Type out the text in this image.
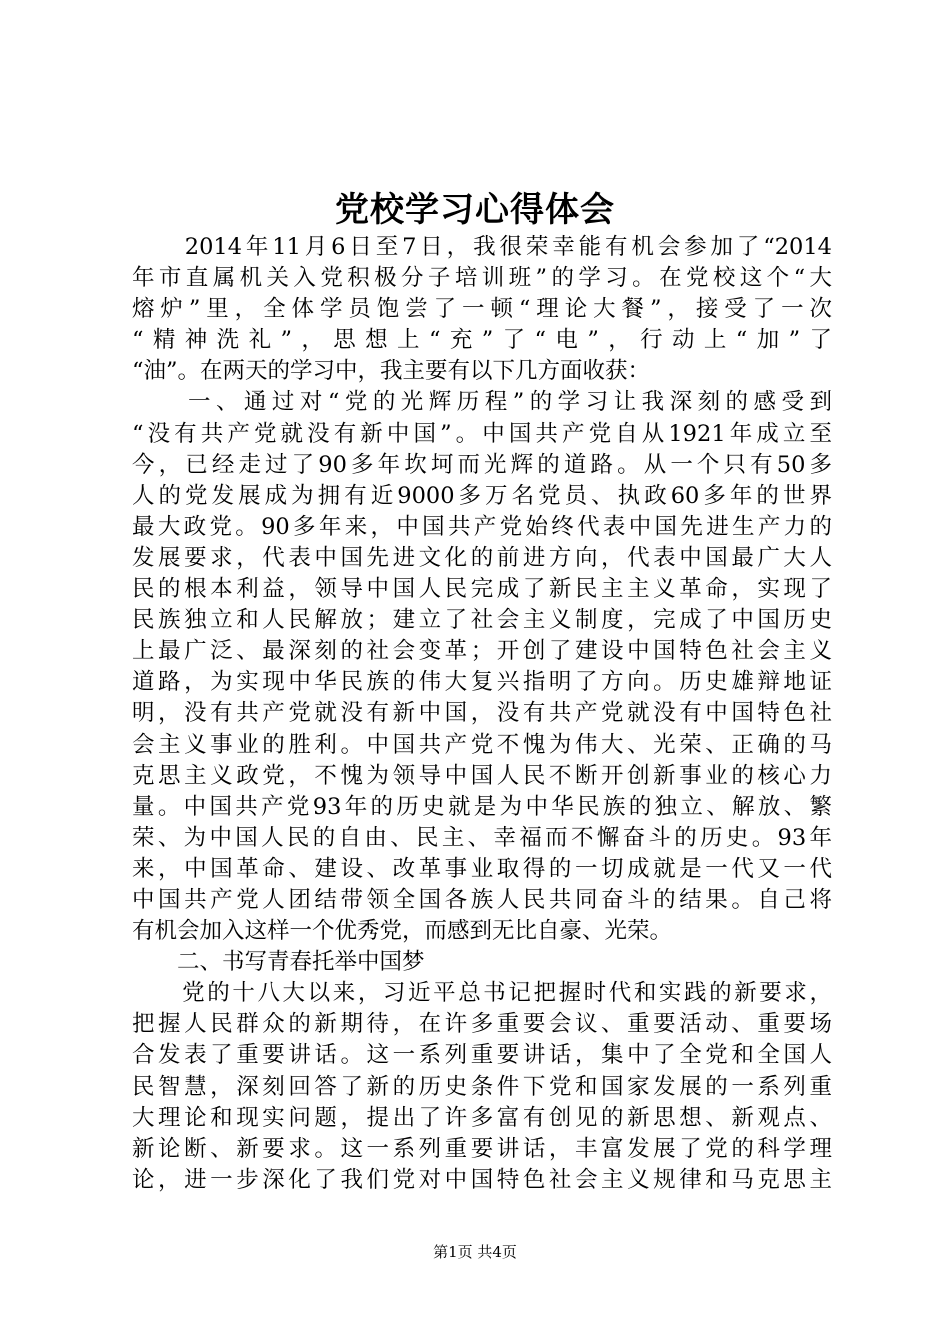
党校学习心得体会
　　2014年11月6日至7日，我很荣幸能有机会参加了“2014
年市直属机关入党积极分子培训班”的学习。在党校这个“大
熔炉”里，全体学员饱尝了一顿“理论大餐”，接受了一次
“精神洗礼”，思想上“充”了“电”，行动上“加”了
“油”。在两天的学习中，我主要有以下几方面收获：
　　一、通过对“党的光辉历程”的学习让我深刻的感受到
“没有共产党就没有新中国”。中国共产党自从1921年成立至
今，已经走过了90多年坎坷而光辉的道路。从一个只有50多
人的党发展成为拥有近9000多万名党员、执政60多年的世界
最大政党。90多年来，中国共产党始终代表中国先进生产力的
发展要求，代表中国先进文化的前进方向，代表中国最广大人
民的根本利益，领导中国人民完成了新民主主义革命，实现了
民族独立和人民解放；建立了社会主义制度，完成了中国历史
上最广泛、最深刻的社会变革；开创了建设中国特色社会主义
道路，为实现中华民族的伟大复兴指明了方向。历史雄辩地证
明，没有共产党就没有新中国，没有共产党就没有中国特色社
会主义事业的胜利。中国共产党不愧为伟大、光荣、正确的马
克思主义政党，不愧为领导中国人民不断开创新事业的核心力
量。中国共产党93年的历史就是为中华民族的独立、解放、繁
荣、为中国人民的自由、民主、幸福而不懈奋斗的历史。93年
来，中国革命、建设、改革事业取得的一切成就是一代又一代
中国共产党人团结带领全国各族人民共同奋斗的结果。自己将
有机会加入这样一个优秀党，而感到无比自豪、光荣。
　　二、书写青春托举中国梦
　　党的十八大以来，习近平总书记把握时代和实践的新要求，
把握人民群众的新期待，在许多重要会议、重要活动、重要场
合发表了重要讲话。这一系列重要讲话，集中了全党和全国人
民智慧，深刻回答了新的历史条件下党和国家发展的一系列重
大理论和现实问题，提出了许多富有创见的新思想、新观点、
新论断、新要求。这一系列重要讲话，丰富发展了党的科学理
论，进一步深化了我们党对中国特色社会主义规律和马克思主
第1页 共4页
